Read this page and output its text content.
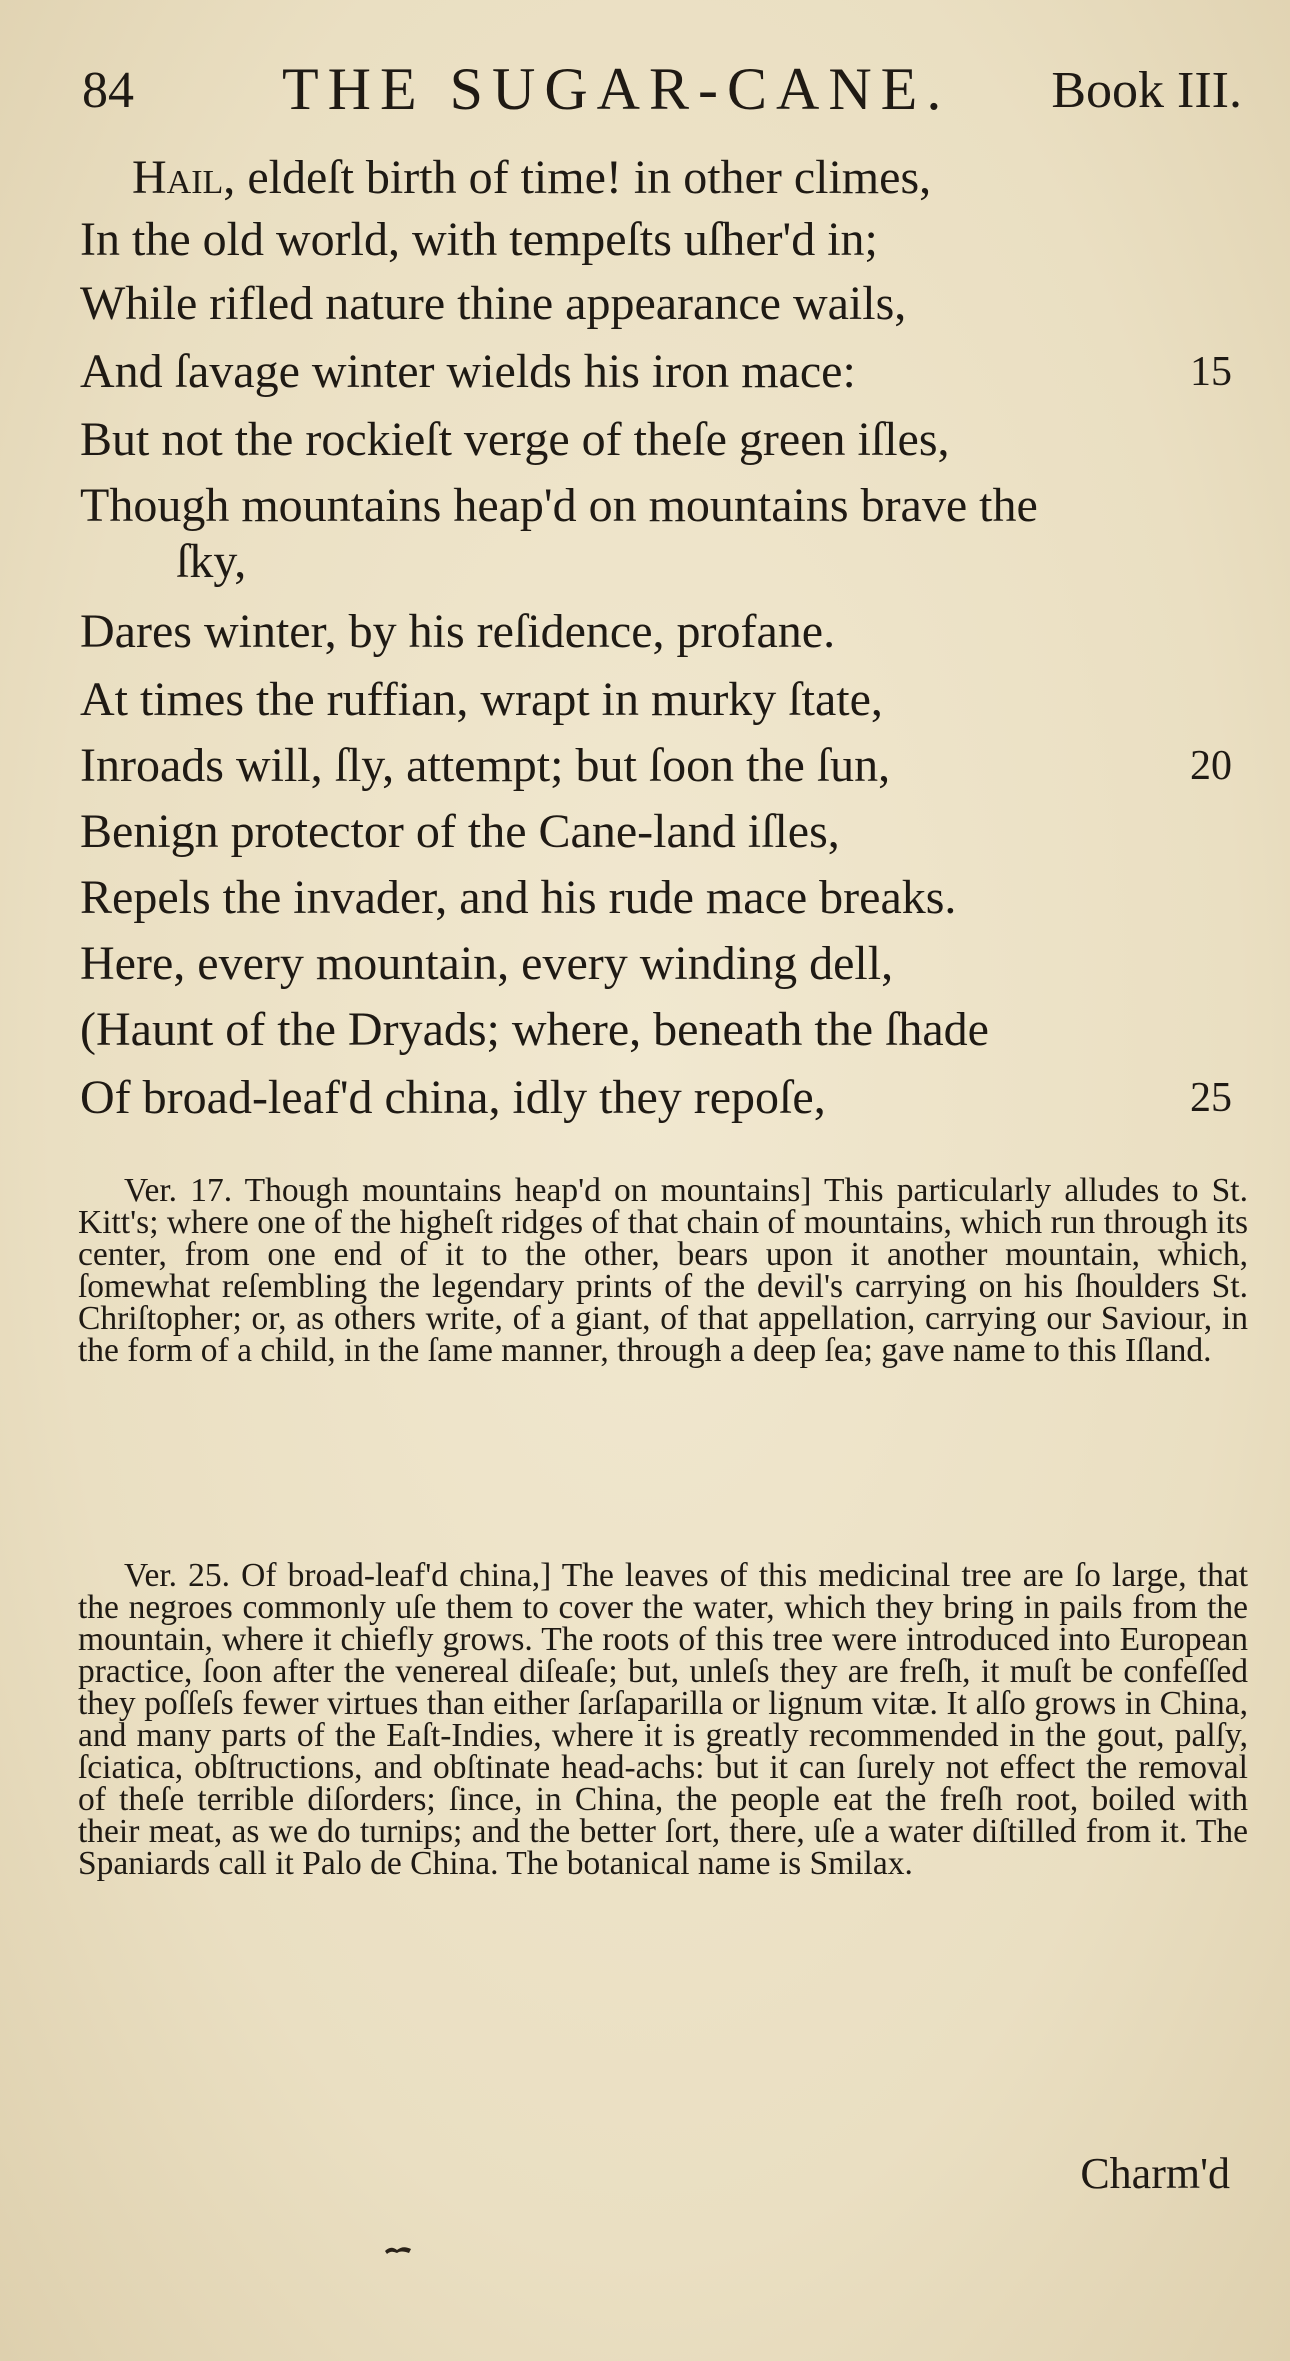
84 THE SUGAR-CANE. Book III.
Hail, eldeſt birth of time! in other climes,
In the old world, with tempeſts uſher'd in;
While rifled nature thine appearance wails,
And ſavage winter wields his iron mace:	15
But not the rockieſt verge of theſe green iſles,
Though mountains heap'd on mountains brave the
ſky,
Dares winter, by his reſidence, profane.
At times the ruffian, wrapt in murky ſtate,
Inroads will, ſly, attempt; but ſoon the ſun,	20
Benign protector of the Cane-land iſles,
Repels the invader, and his rude mace breaks.
Here, every mountain, every winding dell,
(Haunt of the Dryads; where, beneath the ſhade
Of broad-leaf'd china, idly they repoſe,	25
Ver. 17. Though mountains heap'd on mountains] This particularly alludes to St. Kitt's; where one of the higheſt ridges of that chain of mountains, which run through its center, from one end of it to the other, bears upon it another mountain, which, ſomewhat reſembling the legendary prints of the devil's carrying on his ſhoulders St. Chriſtopher; or, as others write, of a giant, of that appellation, carrying our Saviour, in the form of a child, in the ſame manner, through a deep ſea; gave name to this Iſland.
Ver. 25. Of broad-leaf'd china,] The leaves of this medicinal tree are ſo large, that the negroes commonly uſe them to cover the water, which they bring in pails from the mountain, where it chiefly grows. The roots of this tree were introduced into European practice, ſoon after the venereal diſeaſe; but, unleſs they are freſh, it muſt be confeſſed they poſſeſs fewer virtues than either ſarſaparilla or lignum vitæ. It alſo grows in China, and many parts of the Eaſt-Indies, where it is greatly recommended in the gout, palſy, ſciatica, obſtructions, and obſtinate head-achs: but it can ſurely not effect the removal of theſe terrible diſorders; ſince, in China, the people eat the freſh root, boiled with their meat, as we do turnips; and the better ſort, there, uſe a water diſtilled from it. The Spaniards call it Palo de China. The botanical name is Smilax.
Charm'd
